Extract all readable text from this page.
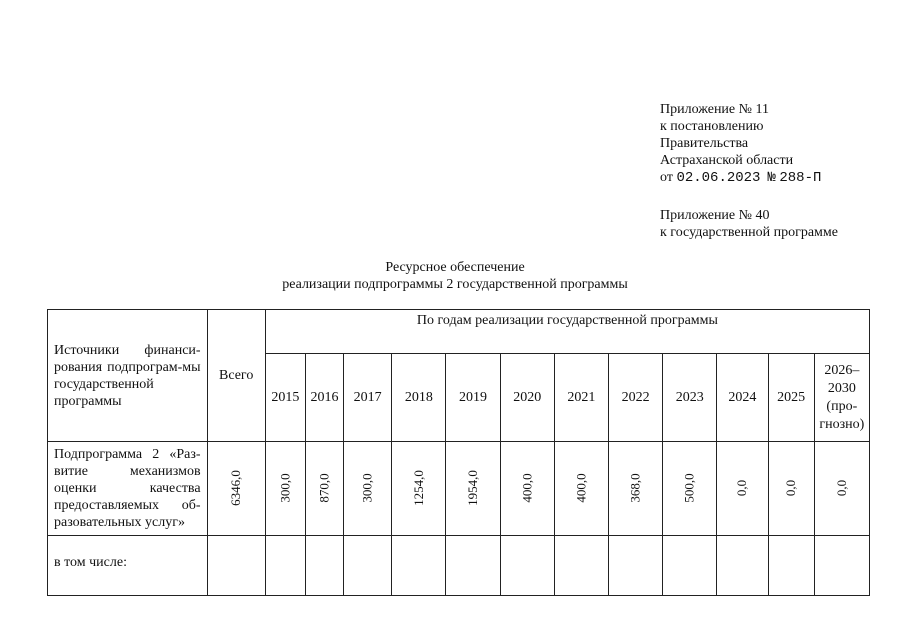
Приложение № 11
к постановлению
Правительства
Астраханской области
от 02.06.2023 № 288-П
Приложение № 40
к государственной программе
Ресурсное обеспечение
реализации подпрограммы 2 государственной программы
Источники финанси-рования подпрограм-мы государственной программы	Всего	По годам реализации государственной программы											
		2015	2016	2017	2018	2019	2020	2021	2022	2023	2024	2025	2026–2030 (про-гнозно)
Подпрограмма 2 «Раз-витие механизмов оценки качества предоставляемых об-разовательных услуг»	6346,0	300,0	870,0	300,0	1254,0	1954,0	400,0	400,0	368,0	500,0	0,0	0,0	0,0
в том числе:													
